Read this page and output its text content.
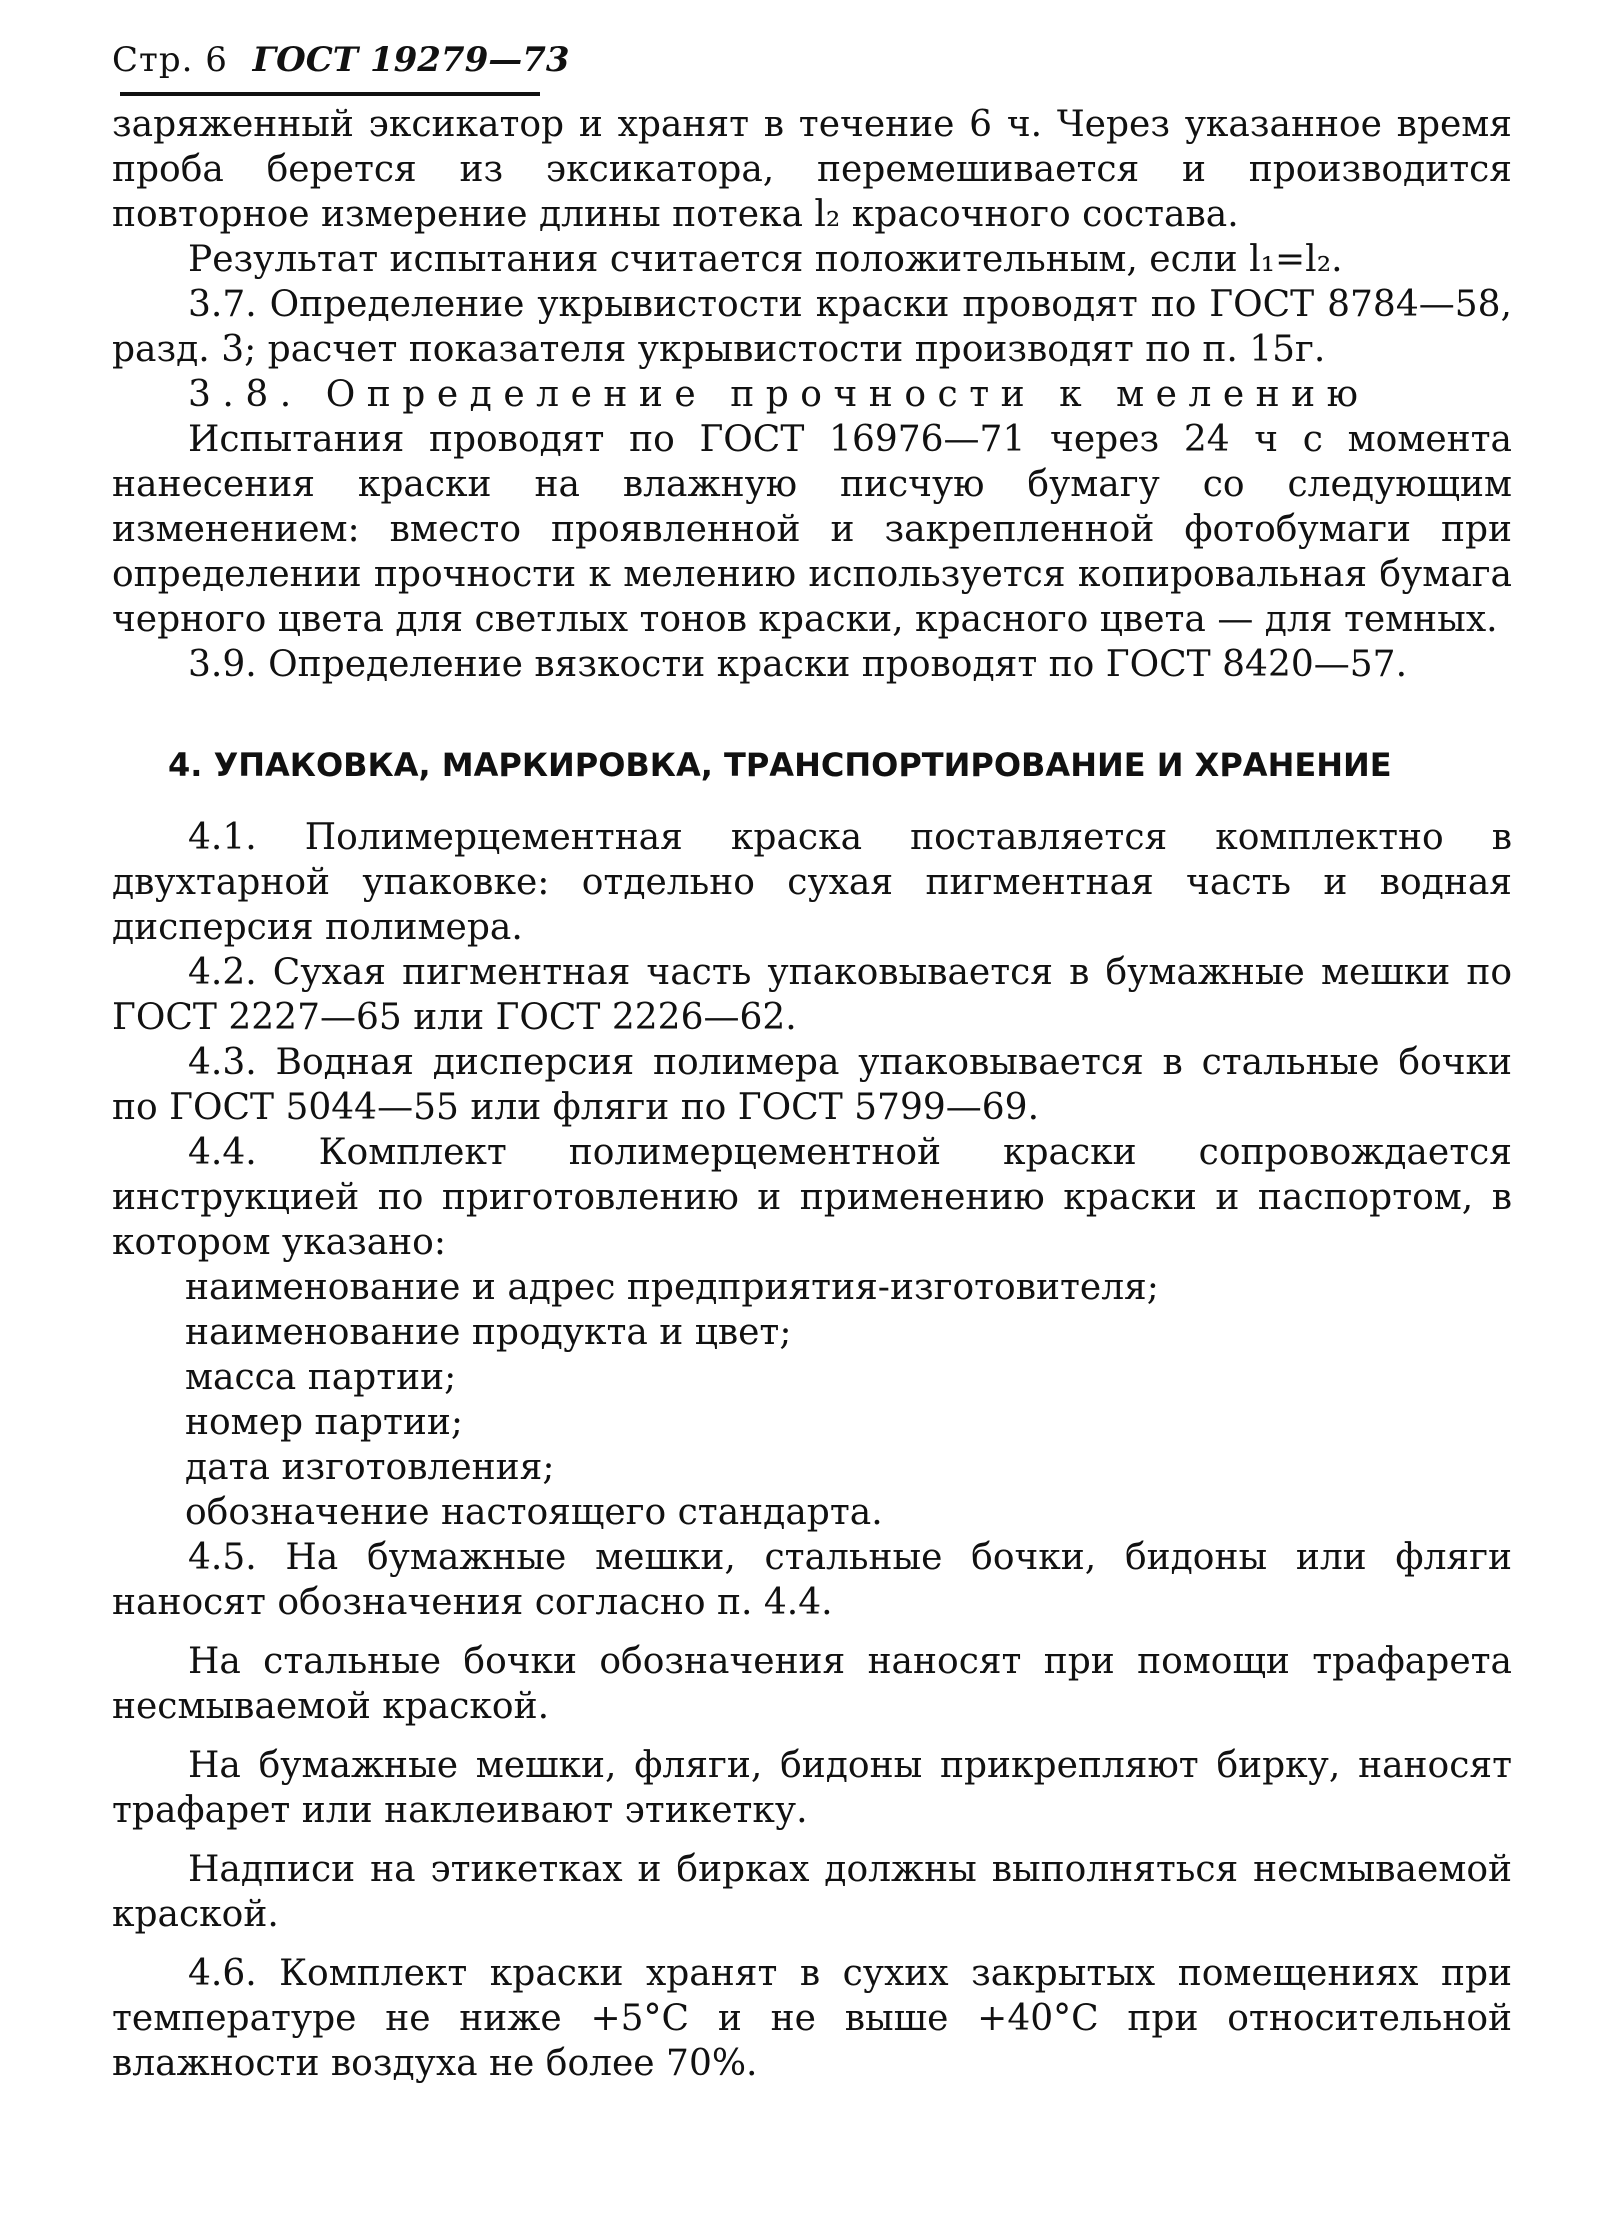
Стр. 6 ГОСТ 19279—73

заряженный эксикатор и хранят в течение 6 ч. Через указанное время проба берется из эксикатора, перемешивается и производится повторное измерение длины потека l₂ красочного состава.

Результат испытания считается положительным, если l₁=l₂.

3.7. Определение укрывистости краски проводят по ГОСТ 8784—58, разд. 3; расчет показателя укрывистости производят по п. 15г.

3.8. Определение прочности к мелению

Испытания проводят по ГОСТ 16976—71 через 24 ч с момента нанесения краски на влажную писчую бумагу со следующим изменением: вместо проявленной и закрепленной фотобумаги при определении прочности к мелению используется копировальная бумага черного цвета для светлых тонов краски, красного цвета — для темных.

3.9. Определение вязкости краски проводят по ГОСТ 8420—57.

4. УПАКОВКА, МАРКИРОВКА, ТРАНСПОРТИРОВАНИЕ И ХРАНЕНИЕ

4.1. Полимерцементная краска поставляется комплектно в двухтарной упаковке: отдельно сухая пигментная часть и водная дисперсия полимера.

4.2. Сухая пигментная часть упаковывается в бумажные мешки по ГОСТ 2227—65 или ГОСТ 2226—62.

4.3. Водная дисперсия полимера упаковывается в стальные бочки по ГОСТ 5044—55 или фляги по ГОСТ 5799—69.

4.4. Комплект полимерцементной краски сопровождается инструкцией по приготовлению и применению краски и паспортом, в котором указано:

наименование и адрес предприятия-изготовителя;

наименование продукта и цвет;

масса партии;

номер партии;

дата изготовления;

обозначение настоящего стандарта.

4.5. На бумажные мешки, стальные бочки, бидоны или фляги наносят обозначения согласно п. 4.4.

На стальные бочки обозначения наносят при помощи трафарета несмываемой краской.

На бумажные мешки, фляги, бидоны прикрепляют бирку, наносят трафарет или наклеивают этикетку.

Надписи на этикетках и бирках должны выполняться несмываемой краской.

4.6. Комплект краски хранят в сухих закрытых помещениях при температуре не ниже +5°С и не выше +40°С при относительной влажности воздуха не более 70%.
